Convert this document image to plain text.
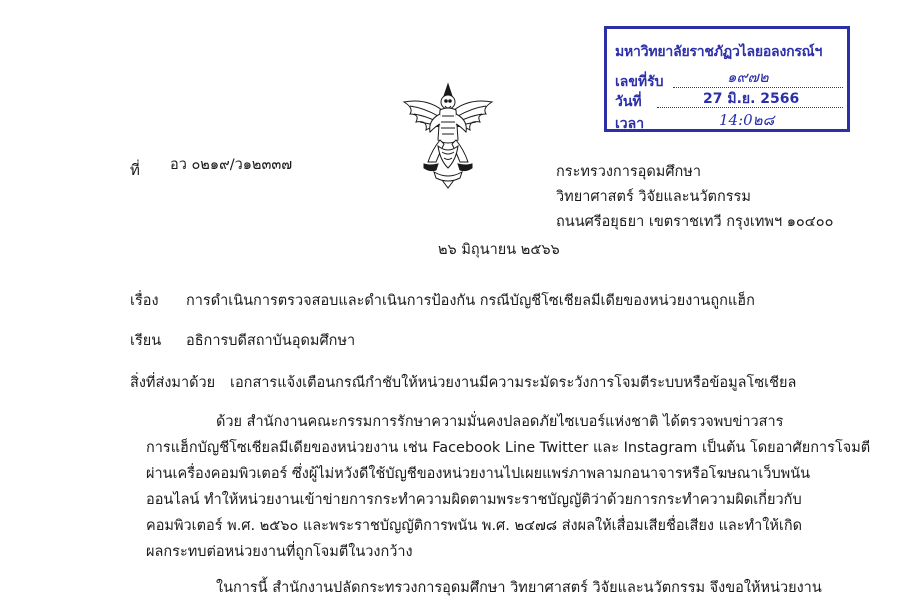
มหาวิทยาลัยราชภัฏวไลยอลงกรณ์ฯ
เลขที่รับ	๑๙๗๒
วันที่	27 มิ.ย. 2566
เวลา	14:0๒๘
ที่ อว ๐๒๑๙/ว๑๒๓๓๗	กระทรวงการอุดมศึกษา
วิทยาศาสตร์ วิจัยและนวัตกรรม
ถนนศรีอยุธยา เขตราชเทวี กรุงเทพฯ ๑๐๔๐๐
๒๖ มิถุนายน ๒๕๖๖
เรื่อง การดำเนินการตรวจสอบและดำเนินการป้องกัน กรณีบัญชีโซเชียลมีเดียของหน่วยงานถูกแฮ็ก
เรียน อธิการบดีสถาบันอุดมศึกษา
สิ่งที่ส่งมาด้วย เอกสารแจ้งเตือนกรณีกำชับให้หน่วยงานมีความระมัดระวังการโจมตีระบบหรือข้อมูลโซเชียล
ด้วย สำนักงานคณะกรรมการรักษาความมั่นคงปลอดภัยไซเบอร์แห่งชาติ ได้ตรวจพบข่าวสาร
การแฮ็กบัญชีโซเชียลมีเดียของหน่วยงาน เช่น Facebook Line Twitter และ Instagram เป็นต้น โดยอาศัยการโจมตี
ผ่านเครื่องคอมพิวเตอร์ ซึ่งผู้ไม่หวังดีใช้บัญชีของหน่วยงานไปเผยแพร่ภาพลามกอนาจารหรือโฆษณาเว็บพนัน
ออนไลน์ ทำให้หน่วยงานเข้าข่ายการกระทำความผิดตามพระราชบัญญัติว่าด้วยการกระทำความผิดเกี่ยวกับ
คอมพิวเตอร์ พ.ศ. ๒๕๖๐ และพระราชบัญญัติการพนัน พ.ศ. ๒๔๗๘ ส่งผลให้เสื่อมเสียชื่อเสียง และทำให้เกิด
ผลกระทบต่อหน่วยงานที่ถูกโจมตีในวงกว้าง
ในการนี้ สำนักงานปลัดกระทรวงการอุดมศึกษา วิทยาศาสตร์ วิจัยและนวัตกรรม จึงขอให้หน่วยงาน
